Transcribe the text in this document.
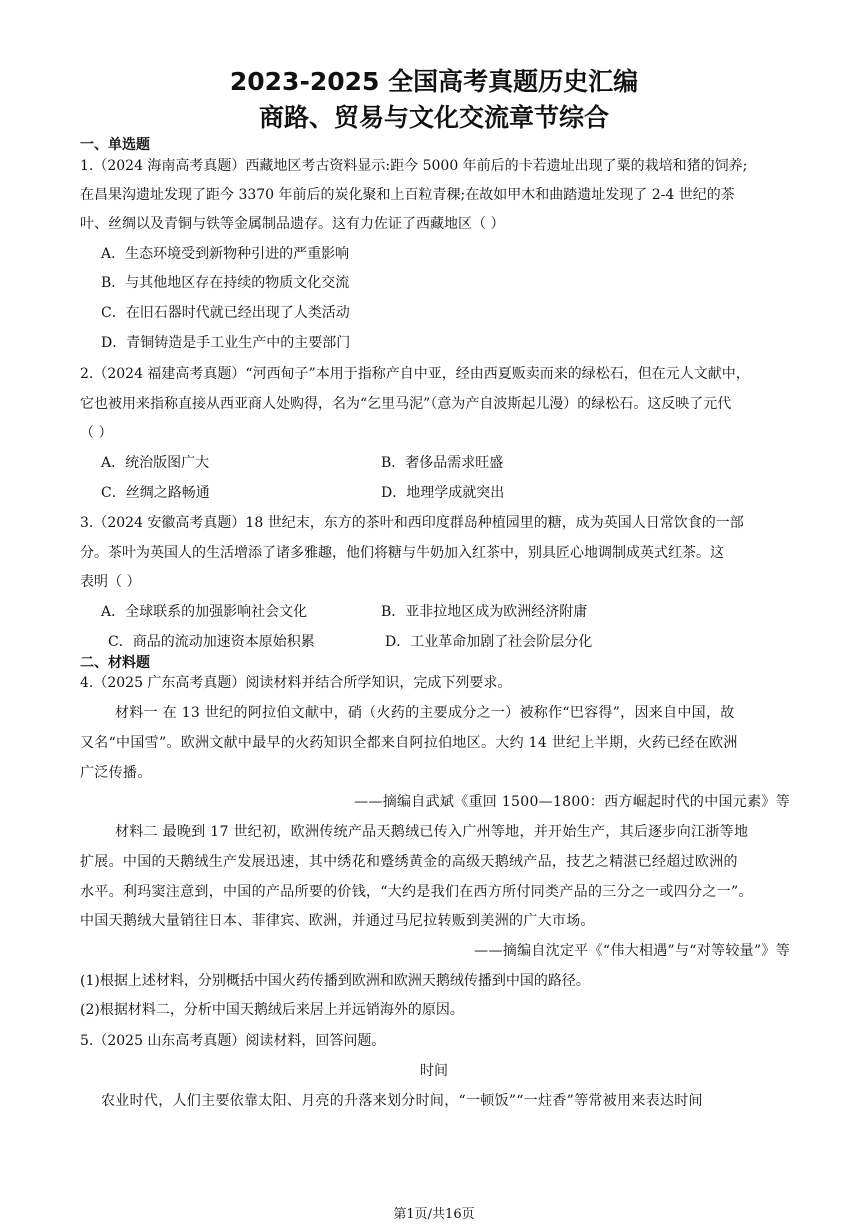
2023-2025 全国高考真题历史汇编
商路、贸易与文化交流章节综合
一、单选题
1.（2024 海南高考真题）西藏地区考古资料显示:距今 5000 年前后的卡若遗址出现了粟的栽培和猪的饲养;
在昌果沟遗址发现了距今 3370 年前后的炭化聚和上百粒青稞;在故如甲木和曲踏遗址发现了 2-4 世纪的茶
叶、丝绸以及青铜与铁等金属制品遗存。这有力佐证了西藏地区（ ）
A．生态环境受到新物种引进的严重影响
B．与其他地区存在持续的物质文化交流
C．在旧石器时代就已经出现了人类活动
D．青铜铸造是手工业生产中的主要部门
2.（2024 福建高考真题）“河西甸子”本用于指称产自中亚，经由西夏贩卖而来的绿松石，但在元人文献中，
它也被用来指称直接从西亚商人处购得，名为“乞里马泥”（意为产自波斯起儿漫）的绿松石。这反映了元代
（ ）
A．统治版图广大	B．奢侈品需求旺盛
C．丝绸之路畅通	D．地理学成就突出
3.（2024 安徽高考真题）18 世纪末，东方的茶叶和西印度群岛种植园里的糖，成为英国人日常饮食的一部
分。茶叶为英国人的生活增添了诸多雅趣，他们将糖与牛奶加入红茶中，别具匠心地调制成英式红茶。这
表明（ ）
A．全球联系的加强影响社会文化	B．亚非拉地区成为欧洲经济附庸
C．商品的流动加速资本原始积累	D．工业革命加剧了社会阶层分化
二、材料题
4.（2025 广东高考真题）阅读材料并结合所学知识，完成下列要求。
材料一 在 13 世纪的阿拉伯文献中，硝（火药的主要成分之一）被称作“巴容得”，因来自中国，故
又名“中国雪”。欧洲文献中最早的火药知识全都来自阿拉伯地区。大约 14 世纪上半期，火药已经在欧洲
广泛传播。
——摘编自武斌《重回 1500—1800：西方崛起时代的中国元素》等
材料二 最晚到 17 世纪初，欧洲传统产品天鹅绒已传入广州等地，并开始生产，其后逐步向江浙等地
扩展。中国的天鹅绒生产发展迅速，其中绣花和蹙绣黄金的高级天鹅绒产品，技艺之精湛已经超过欧洲的
水平。利玛窦注意到，中国的产品所要的价钱，“大约是我们在西方所付同类产品的三分之一或四分之一”。
中国天鹅绒大量销往日本、菲律宾、欧洲，并通过马尼拉转贩到美洲的广大市场。
——摘编自沈定平《“伟大相遇”与“对等较量”》等
(1)根据上述材料，分别概括中国火药传播到欧洲和欧洲天鹅绒传播到中国的路径。
(2)根据材料二，分析中国天鹅绒后来居上并远销海外的原因。
5.（2025 山东高考真题）阅读材料，回答问题。
时间
农业时代，人们主要依靠太阳、月亮的升落来划分时间，“一顿饭”“一炷香”等常被用来表达时间
第1页/共16页
